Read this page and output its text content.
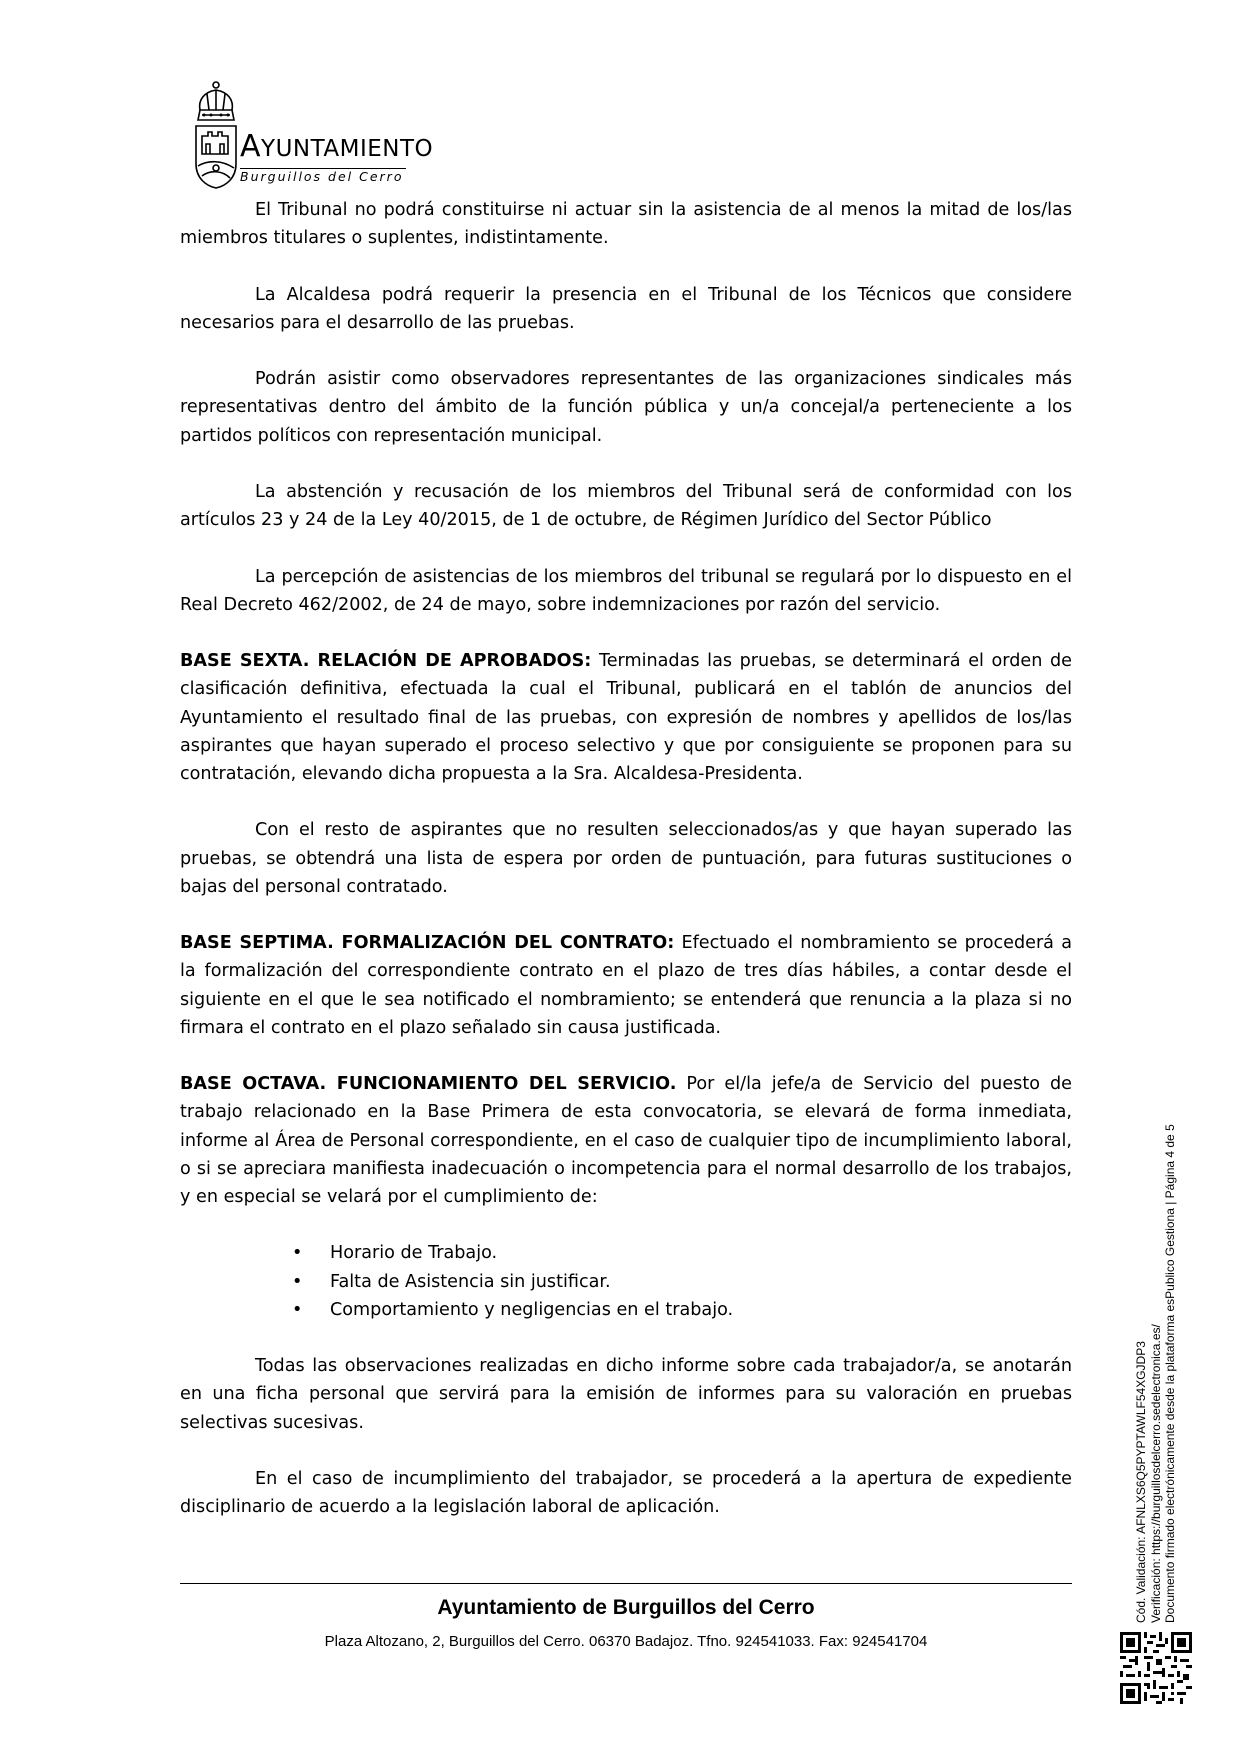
AYUNTAMIENTO
Burguillos del Cerro

El Tribunal no podrá constituirse ni actuar sin la asistencia de al menos la mitad de los/las miembros titulares o suplentes, indistintamente.

La Alcaldesa podrá requerir la presencia en el Tribunal de los Técnicos que considere necesarios para el desarrollo de las pruebas.

Podrán asistir como observadores representantes de las organizaciones sindicales más representativas dentro del ámbito de la función pública y un/a concejal/a perteneciente a los partidos políticos con representación municipal.

La abstención y recusación de los miembros del Tribunal será de conformidad con los artículos 23 y 24 de la Ley 40/2015, de 1 de octubre, de Régimen Jurídico del Sector Público

La percepción de asistencias de los miembros del tribunal se regulará por lo dispuesto en el Real Decreto 462/2002, de 24 de mayo, sobre indemnizaciones por razón del servicio.

BASE SEXTA. RELACIÓN DE APROBADOS: Terminadas las pruebas, se determinará el orden de clasificación definitiva, efectuada la cual el Tribunal, publicará en el tablón de anuncios del Ayuntamiento el resultado final de las pruebas, con expresión de nombres y apellidos de los/las aspirantes que hayan superado el proceso selectivo y que por consiguiente se proponen para su contratación, elevando dicha propuesta a la Sra. Alcaldesa-Presidenta.

Con el resto de aspirantes que no resulten seleccionados/as y que hayan superado las pruebas, se obtendrá una lista de espera por orden de puntuación, para futuras sustituciones o bajas del personal contratado.

BASE SEPTIMA. FORMALIZACIÓN DEL CONTRATO: Efectuado el nombramiento se procederá a la formalización del correspondiente contrato en el plazo de tres días hábiles, a contar desde el siguiente en el que le sea notificado el nombramiento; se entenderá que renuncia a la plaza si no firmara el contrato en el plazo señalado sin causa justificada.

BASE OCTAVA. FUNCIONAMIENTO DEL SERVICIO. Por el/la jefe/a de Servicio del puesto de trabajo relacionado en la Base Primera de esta convocatoria, se elevará de forma inmediata, informe al Área de Personal correspondiente, en el caso de cualquier tipo de incumplimiento laboral, o si se apreciara manifiesta inadecuación o incompetencia para el normal desarrollo de los trabajos, y en especial se velará por el cumplimiento de:

• Horario de Trabajo.
• Falta de Asistencia sin justificar.
• Comportamiento y negligencias en el trabajo.

Todas las observaciones realizadas en dicho informe sobre cada trabajador/a, se anotarán en una ficha personal que servirá para la emisión de informes para su valoración en pruebas selectivas sucesivas.

En el caso de incumplimiento del trabajador, se procederá a la apertura de expediente disciplinario de acuerdo a la legislación laboral de aplicación.

Ayuntamiento de Burguillos del Cerro
Plaza Altozano, 2, Burguillos del Cerro. 06370 Badajoz. Tfno. 924541033. Fax: 924541704
Cód. Validación: AFNLXS6Q5PYPTAWLF54XGJDP3 Verificación: https://burguillosdelcerro.sedelectronica.es/ Documento firmado electrónicamente desde la plataforma esPublico Gestiona | Página 4 de 5
